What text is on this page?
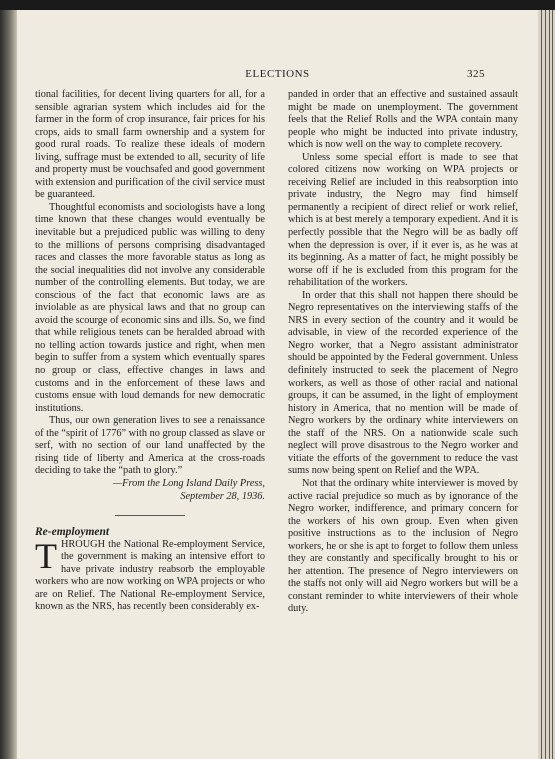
ELECTIONS	325

tional facilities, for decent living quarters for all, for a sensible agrarian system which includes aid for the farmer in the form of crop insurance, fair prices for his crops, aids to small farm ownership and a system for good rural roads. To realize these ideals of modern living, suffrage must be extended to all, security of life and property must be vouchsafed and good government with extension and purification of the civil service must be guaranteed.

Thoughtful economists and sociologists have a long time known that these changes would eventually be inevitable but a prejudiced public was willing to deny to the millions of persons comprising disadvantaged races and classes the more favorable status as long as the social inequalities did not involve any considerable number of the controlling elements. But today, we are conscious of the fact that economic laws are as inviolable as are physical laws and that no group can avoid the scourge of economic sins and ills. So, we find that while religious tenets can be heralded abroad with no telling action towards justice and right, when men begin to suffer from a system which eventually spares no group or class, effective changes in laws and customs and in the enforcement of these laws and customs ensue with loud demands for new democratic institutions.

Thus, our own generation lives to see a renaissance of the “spirit of 1776” with no group classed as slave or serf, with no section of our land unaffected by the rising tide of liberty and America at the cross-roads deciding to take the “path to glory.”

—From the Long Island Daily Press,
September 28, 1936.

Re-employment

THROUGH the National Re-employment Service, the government is making an intensive effort to have private industry reabsorb the employable workers who are now working on WPA projects or who are on Relief. The National Re-employment Service, known as the NRS, has recently been considerably ex-

panded in order that an effective and sustained assault might be made on unemployment. The government feels that the Relief Rolls and the WPA contain many people who might be inducted into private industry, which is now well on the way to complete recovery.

Unless some special effort is made to see that colored citizens now working on WPA projects or receiving Relief are included in this reabsorption into private industry, the Negro may find himself permanently a recipient of direct relief or work relief, which is at best merely a temporary expedient. And it is perfectly possible that the Negro will be as badly off when the depression is over, if it ever is, as he was at its beginning. As a matter of fact, he might possibly be worse off if he is excluded from this program for the rehabilitation of the workers.

In order that this shall not happen there should be Negro representatives on the interviewing staffs of the NRS in every section of the country and it would be advisable, in view of the recorded experience of the Negro worker, that a Negro assistant administrator should be appointed by the Federal government. Unless definitely instructed to seek the placement of Negro workers, as well as those of other racial and national groups, it can be assumed, in the light of employment history in America, that no mention will be made of Negro workers by the ordinary white interviewers on the staff of the NRS. On a nationwide scale such neglect will prove disastrous to the Negro worker and vitiate the efforts of the government to reduce the vast sums now being spent on Relief and the WPA.

Not that the ordinary white interviewer is moved by active racial prejudice so much as by ignorance of the Negro worker, indifference, and primary concern for the workers of his own group. Even when given positive instructions as to the inclusion of Negro workers, he or she is apt to forget to follow them unless they are constantly and specifically brought to his or her attention. The presence of Negro interviewers on the staffs not only will aid Negro workers but will be a constant reminder to white interviewers of their whole duty.
